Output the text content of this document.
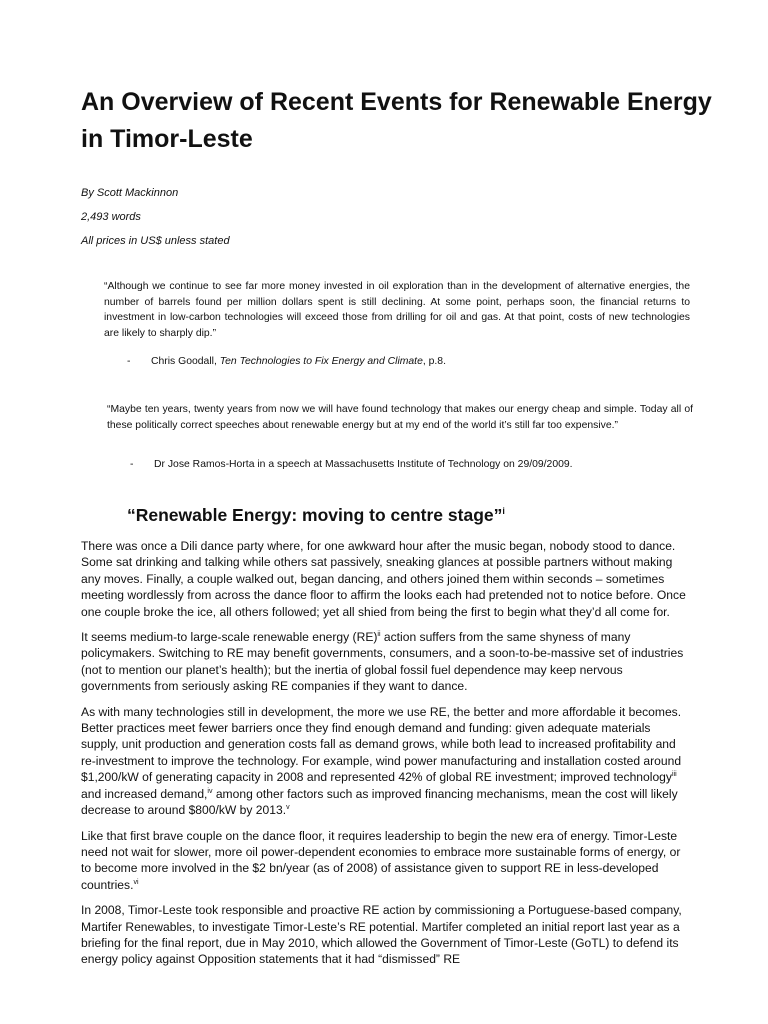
An Overview of Recent Events for Renewable Energy in Timor-Leste
By Scott Mackinnon
2,493 words
All prices in US$ unless stated

“Although we continue to see far more money invested in oil exploration than in the development of alternative energies, the number of barrels found per million dollars spent is still declining. At some point, perhaps soon, the financial returns to investment in low-carbon technologies will exceed those from drilling for oil and gas. At that point, costs of new technologies are likely to sharply dip.”

- Chris Goodall, Ten Technologies to Fix Energy and Climate, p.8.

“Maybe ten years, twenty years from now we will have found technology that makes our energy cheap and simple. Today all of these politically correct speeches about renewable energy but at my end of the world it’s still far too expensive.”

- Dr Jose Ramos-Horta in a speech at Massachusetts Institute of Technology on 29/09/2009.
“Renewable Energy: moving to centre stage”$^i$

There was once a Dili dance party where, for one awkward hour after the music began, nobody stood to dance. Some sat drinking and talking while others sat passively, sneaking glances at possible partners without making any moves. Finally, a couple walked out, began dancing, and others joined them within seconds – sometimes meeting wordlessly from across the dance floor to affirm the looks each had pretended not to notice before. Once one couple broke the ice, all others followed; yet all shied from being the first to begin what they’d all come for.

It seems medium-to large-scale renewable energy (RE)$^{ii}$ action suffers from the same shyness of many policymakers. Switching to RE may benefit governments, consumers, and a soon-to-be-massive set of industries (not to mention our planet’s health); but the inertia of global fossil fuel dependence may keep nervous governments from seriously asking RE companies if they want to dance.

As with many technologies still in development, the more we use RE, the better and more affordable it becomes. Better practices meet fewer barriers once they find enough demand and funding: given adequate materials supply, unit production and generation costs fall as demand grows, while both lead to increased profitability and re-investment to improve the technology. For example, wind power manufacturing and installation costed around $1,200/kW of generating capacity in 2008 and represented 42% of global RE investment; improved technology$^{iii}$ and increased demand,$^{iv}$ among other factors such as improved financing mechanisms, mean the cost will likely decrease to around $800/kW by 2013.$^v$

Like that first brave couple on the dance floor, it requires leadership to begin the new era of energy. Timor-Leste need not wait for slower, more oil power-dependent economies to embrace more sustainable forms of energy, or to become more involved in the $2 bn/year (as of 2008) of assistance given to support RE in less-developed countries.$^{vi}$

In 2008, Timor-Leste took responsible and proactive RE action by commissioning a Portuguese-based company, Martifer Renewables, to investigate Timor-Leste’s RE potential. Martifer completed an initial report last year as a briefing for the final report, due in May 2010, which allowed the Government of Timor-Leste (GoTL) to defend its energy policy against Opposition statements that it had “dismissed” RE
